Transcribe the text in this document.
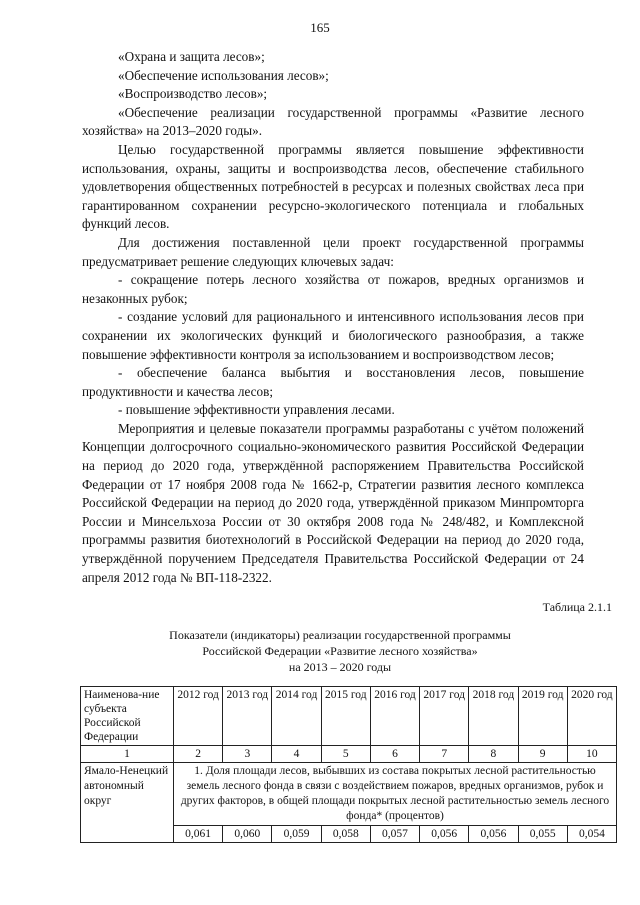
165

«Охрана и защита лесов»;

«Обеспечение использования лесов»;

«Воспроизводство лесов»;

«Обеспечение реализации государственной программы «Развитие лесного хозяйства» на 2013–2020 годы».

Целью государственной программы является повышение эффективности использования, охраны, защиты и воспроизводства лесов, обеспечение стабильного удовлетворения общественных потребностей в ресурсах и полезных свойствах леса при гарантированном сохранении ресурсно-экологического потенциала и глобальных функций лесов.

Для достижения поставленной цели проект государственной программы предусматривает решение следующих ключевых задач:

- сокращение потерь лесного хозяйства от пожаров, вредных организмов и незаконных рубок;

- создание условий для рационального и интенсивного использования лесов при сохранении их экологических функций и биологического разнообразия, а также повышение эффективности контроля за использованием и воспроизводством лесов;

- обеспечение баланса выбытия и восстановления лесов, повышение продуктивности и качества лесов;

- повышение эффективности управления лесами.

Мероприятия и целевые показатели программы разработаны с учётом положений Концепции долгосрочного социально-экономического развития Российской Федерации на период до 2020 года, утверждённой распоряжением Правительства Российской Федерации от 17 ноября 2008 года № 1662-р, Стратегии развития лесного комплекса Российской Федерации на период до 2020 года, утверждённой приказом Минпромторга России и Минсельхоза России от 30 октября 2008 года № 248/482, и Комплексной программы развития биотехнологий в Российской Федерации на период до 2020 года, утверждённой поручением Председателя Правительства Российской Федерации от 24 апреля 2012 года № ВП-118-2322.

Таблица 2.1.1
Показатели (индикаторы) реализации государственной программы
Российской Федерации «Развитие лесного хозяйства»
на 2013 – 2020 годы
Наименова-ние субъекта Российской Федерации	2012 год	2013 год	2014 год	2015 год	2016 год	2017 год	2018 год	2019 год	2020 год
1	2	3	4	5	6	7	8	9	10
Ямало-Ненецкий автономный округ	1. Доля площади лесов, выбывших из состава покрытых лесной растительностью земель лесного фонда в связи с воздействием пожаров, вредных организмов, рубок и других факторов, в общей площади покрытых лесной растительностью земель лесного фонда* (процентов)								
	0,061	0,060	0,059	0,058	0,057	0,056	0,056	0,055	0,054
